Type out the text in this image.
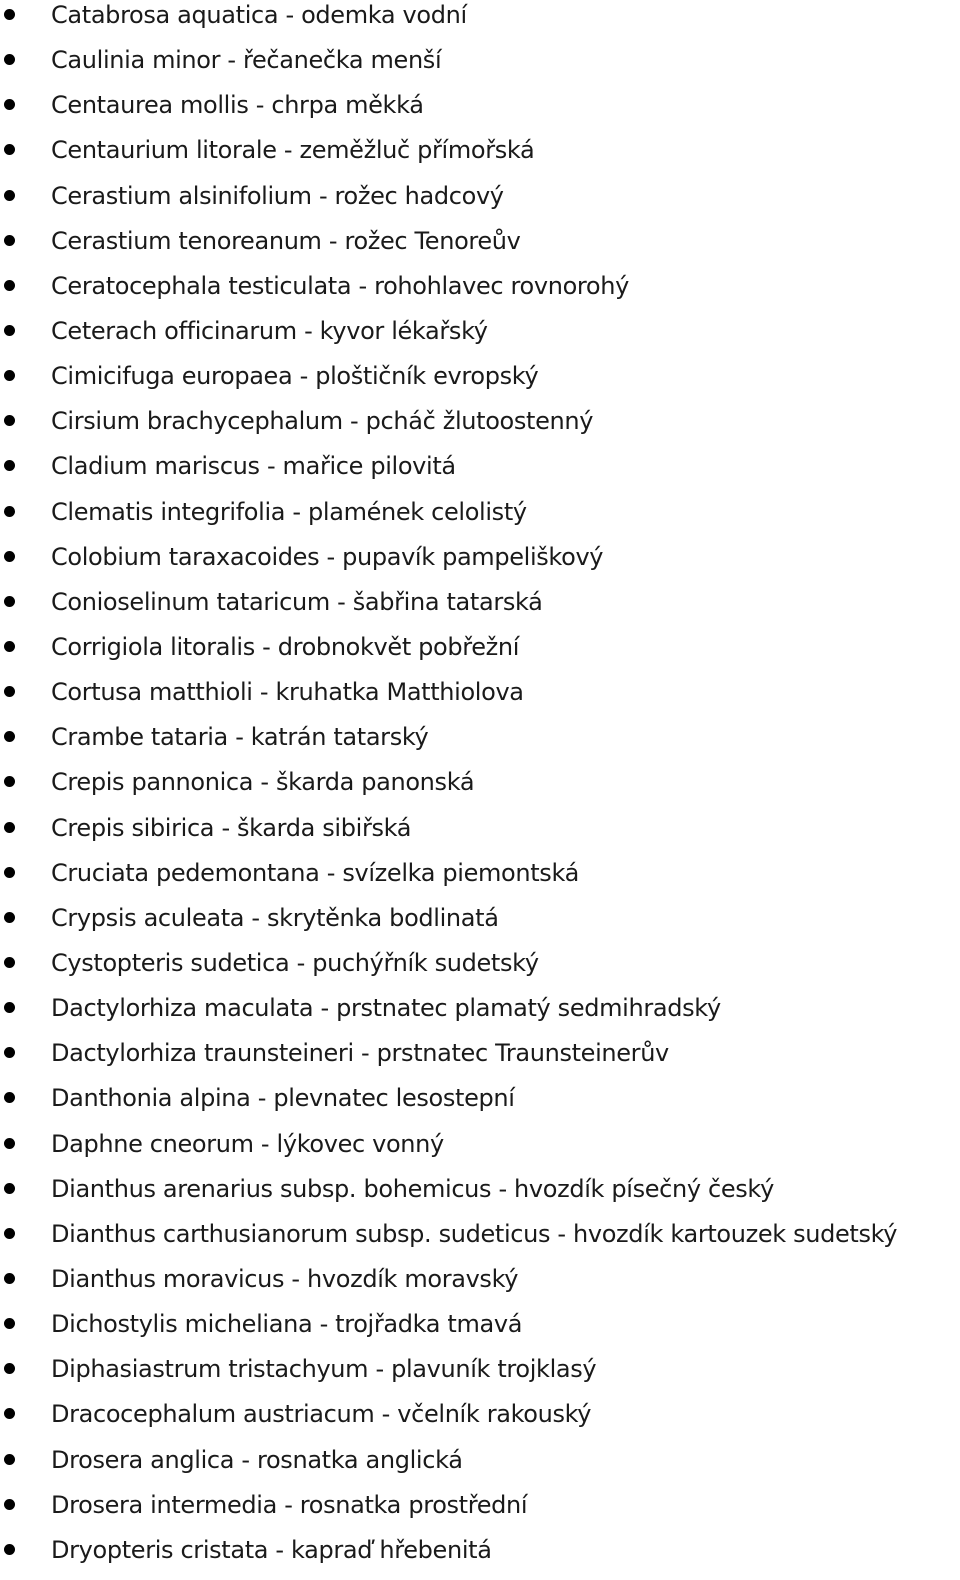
Catabrosa aquatica - odemka vodní
Caulinia minor - řečanečka menší
Centaurea mollis - chrpa měkká
Centaurium litorale - zeměžluč přímořská
Cerastium alsinifolium - rožec hadcový
Cerastium tenoreanum - rožec Tenoreův
Ceratocephala testiculata - rohohlavec rovnorohý
Ceterach officinarum - kyvor lékařský
Cimicifuga europaea - ploštičník evropský
Cirsium brachycephalum - pcháč žlutoostenný
Cladium mariscus - mařice pilovitá
Clematis integrifolia - plamének celolistý
Colobium taraxacoides - pupavík pampeliškový
Conioselinum tataricum - šabřina tatarská
Corrigiola litoralis - drobnokvět pobřežní
Cortusa matthioli - kruhatka Matthiolova
Crambe tataria - katrán tatarský
Crepis pannonica - škarda panonská
Crepis sibirica - škarda sibiřská
Cruciata pedemontana - svízelka piemontská
Crypsis aculeata - skrytěnka bodlinatá
Cystopteris sudetica - puchýřník sudetský
Dactylorhiza maculata - prstnatec plamatý sedmihradský
Dactylorhiza traunsteineri - prstnatec Traunsteinerův
Danthonia alpina - plevnatec lesostepní
Daphne cneorum - lýkovec vonný
Dianthus arenarius subsp. bohemicus - hvozdík písečný český
Dianthus carthusianorum subsp. sudeticus - hvozdík kartouzek sudetský
Dianthus moravicus - hvozdík moravský
Dichostylis micheliana - trojřadka tmavá
Diphasiastrum tristachyum - plavuník trojklasý
Dracocephalum austriacum - včelník rakouský
Drosera anglica - rosnatka anglická
Drosera intermedia - rosnatka prostřední
Dryopteris cristata - kapraď hřebenitá
